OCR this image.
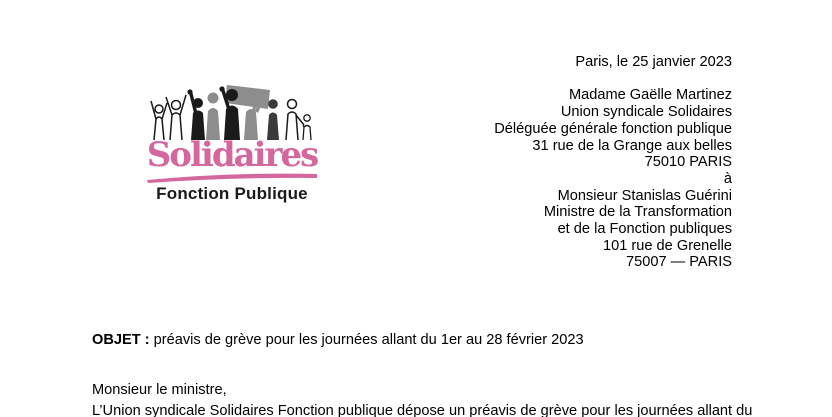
Solidaires
Fonction Publique
Paris, le 25 janvier 2023
Madame Gaëlle Martinez
Union syndicale Solidaires
Déléguée générale fonction publique
31 rue de la Grange aux belles
75010 PARIS
à
Monsieur Stanislas Guérini
Ministre de la Transformation
et de la Fonction publiques
101 rue de Grenelle
75007 — PARIS
OBJET : préavis de grève pour les journées allant du 1er au 28 février 2023
Monsieur le ministre,
L’Union syndicale Solidaires Fonction publique dépose un préavis de grève pour les journées allant du
